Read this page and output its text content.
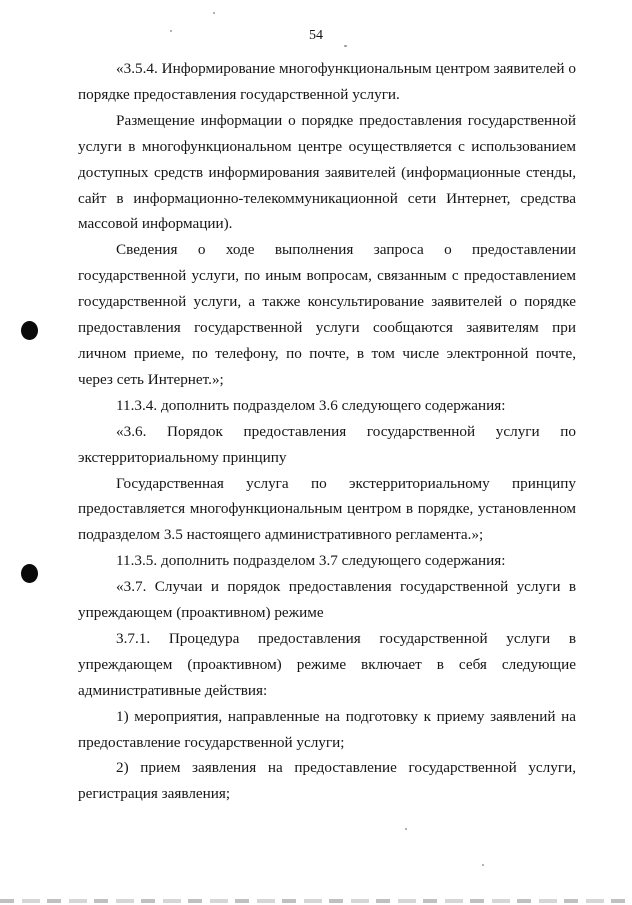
54

«3.5.4. Информирование многофункциональным центром заявителей о порядке предоставления государственной услуги.

Размещение информации о порядке предоставления государственной услуги в многофункциональном центре осуществляется с использованием доступных средств информирования заявителей (информационные стенды, сайт в информационно-телекоммуникационной сети Интернет, средства массовой информации).

Сведения о ходе выполнения запроса о предоставлении государственной услуги, по иным вопросам, связанным с предоставлением государственной услуги, а также консультирование заявителей о порядке предоставления государственной услуги сообщаются заявителям при личном приеме, по телефону, по почте, в том числе электронной почте, через сеть Интернет.»;

11.3.4. дополнить подразделом 3.6 следующего содержания:

«3.6. Порядок предоставления государственной услуги по экстерриториальному принципу

Государственная услуга по экстерриториальному принципу предоставляется многофункциональным центром в порядке, установленном подразделом 3.5 настоящего административного регламента.»;

11.3.5. дополнить подразделом 3.7 следующего содержания:

«3.7. Случаи и порядок предоставления государственной услуги в упреждающем (проактивном) режиме

3.7.1. Процедура предоставления государственной услуги в упреждающем (проактивном) режиме включает в себя следующие административные действия:

1) мероприятия, направленные на подготовку к приему заявлений на предоставление государственной услуги;

2) прием заявления на предоставление государственной услуги, регистрация заявления;
